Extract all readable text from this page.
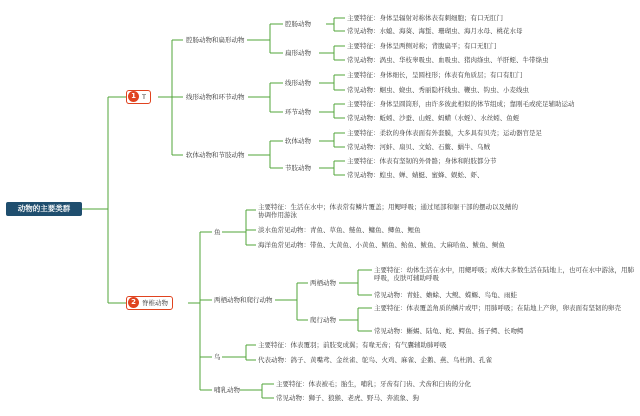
动物的主要类群
1 T
2 脊椎动物
腔肠动物和扁形动物
线形动物和环节动物
软体动物和节肢动物
腔肠动物
扁形动物
线形动物
环节动物
软体动物
节肢动物
主要特征：身体呈辐射对称体表有刺细胞；有口无肛门
常见动物：水螅、海葵、海蜇、珊瑚虫、海月水母、桃花水母
主要特征：身体呈两侧对称；背腹扁平；有口无肛门
常见动物：涡虫、华枝睾吸虫、血吸虫、猪肉绦虫、羊肝蛭、牛带绦虫
主要特征：身体细长，呈圆柱形；体表有角质层；有口有肛门
常见动物：蛔虫、蛲虫、秀丽隐杆线虫、鞭虫、钩虫、小麦线虫
主要特征：身体呈圆筒形，由许多彼此相似的体节组成；靠刚毛或疣足辅助运动
常见动物：蚯蚓、沙蚕、山蛭、蚂蟥（水蛭）、水丝蚓、鱼蛭
主要特征：柔软的身体表面有外套膜，大多具有贝壳；运动器官是足
常见动物：河蚌、扇贝、文蛤、石鳖、蜗牛、乌贼
主要特征：体表有坚韧的外骨骼；身体和附肢都分节
常见动物：蝗虫、蝉、蜻蜓、蜜蜂、蜈蚣、虾、
鱼
两栖动物和爬行动物
鸟
哺乳动物
主要特征：生活在水中；体表常有鳞片覆盖；用鳃呼吸；通过尾部和躯干部的摆动以及鳍的协调作用游泳
淡水鱼常见动物：青鱼、草鱼、鲢鱼、鳙鱼、鲫鱼、鲤鱼
海洋鱼常见动物：带鱼、大黄鱼、小黄鱼、鲳鱼、鲐鱼、鲅鱼、大麻哈鱼、鲅鱼、鲥鱼
两栖动物
爬行动物
主要特征：幼体生活在水中，用鳃呼吸；成体大多数生活在陆地上，也可在水中游泳，用肺呼吸，皮肤可辅助呼吸
常见动物：青蛙、蟾蜍、大鲵、蝾螈、鸟龟、雨蛙
主要特征：体表覆盖角质的鳞片或甲；用肺呼吸；在陆地上产卵，卵表面有坚韧的卵壳
常见动物：蜥蜴、陆龟、蛇、鳄鱼、扬子鳄、长吻鳄
主要特征：体表覆羽；前肢变成翼；有喙无齿；有气囊辅助肺呼吸
代表动物：鸽子、黄嘴鸢、金丝雀、鸵鸟、火鸡、麻雀、企鹅、燕、鸟杜鹃、孔雀
主要特征：体表被毛；胎生，哺乳；牙齿有门齿、犬齿和臼齿的分化
常见动物：狮子、狼猴、老虎、野马、奔流象、狗
